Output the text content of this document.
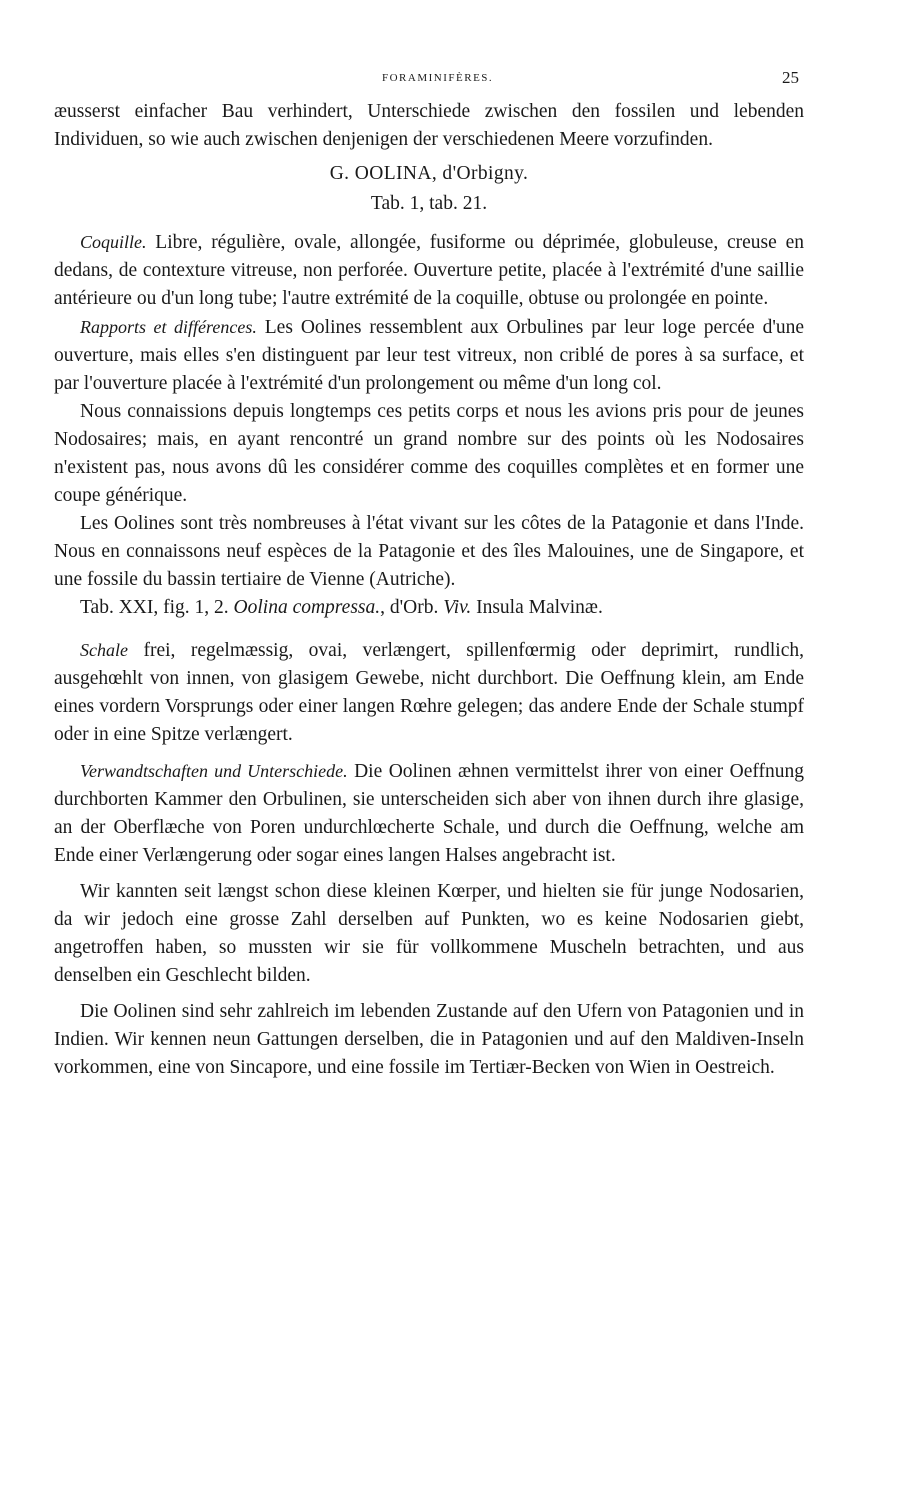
FORAMINIFÈRES.	25

æusserst einfacher Bau verhindert, Unterschiede zwischen den fossilen und lebenden Individuen, so wie auch zwischen denjenigen der verschiedenen Meere vorzufinden.

G. OOLINA, d'Orbigny.

Tab. 1, tab. 21.

Coquille. Libre, régulière, ovale, allongée, fusiforme ou déprimée, globuleuse, creuse en dedans, de contexture vitreuse, non perforée. Ouverture petite, placée à l'extrémité d'une saillie antérieure ou d'un long tube; l'autre extrémité de la coquille, obtuse ou prolongée en pointe.

Rapports et différences. Les Oolines ressemblent aux Orbulines par leur loge percée d'une ouverture, mais elles s'en distinguent par leur test vitreux, non criblé de pores à sa surface, et par l'ouverture placée à l'extrémité d'un prolongement ou même d'un long col.

Nous connaissions depuis longtemps ces petits corps et nous les avions pris pour de jeunes Nodosaires; mais, en ayant rencontré un grand nombre sur des points où les Nodosaires n'existent pas, nous avons dû les considérer comme des coquilles complètes et en former une coupe générique.

Les Oolines sont très nombreuses à l'état vivant sur les côtes de la Patagonie et dans l'Inde. Nous en connaissons neuf espèces de la Patagonie et des îles Malouines, une de Singapore, et une fossile du bassin tertiaire de Vienne (Autriche).

Tab. XXI, fig. 1, 2. Oolina compressa., d'Orb. Viv. Insula Malvinæ.

Schale frei, regelmæssig, ovai, verlængert, spillenfœrmig oder deprimirt, rundlich, ausgehœhlt von innen, von glasigem Gewebe, nicht durchbort. Die Oeffnung klein, am Ende eines vordern Vorsprungs oder einer langen Rœhre gelegen; das andere Ende der Schale stumpf oder in eine Spitze verlængert.

Verwandtschaften und Unterschiede. Die Oolinen æhnen vermittelst ihrer von einer Oeffnung durchborten Kammer den Orbulinen, sie unterscheiden sich aber von ihnen durch ihre glasige, an der Oberflæche von Poren undurchlœcherte Schale, und durch die Oeffnung, welche am Ende einer Verlængerung oder sogar eines langen Halses angebracht ist.

Wir kannten seit længst schon diese kleinen Kœrper, und hielten sie für junge Nodosarien, da wir jedoch eine grosse Zahl derselben auf Punkten, wo es keine Nodosarien giebt, angetroffen haben, so mussten wir sie für vollkommene Muscheln betrachten, und aus denselben ein Geschlecht bilden.

Die Oolinen sind sehr zahlreich im lebenden Zustande auf den Ufern von Patagonien und in Indien. Wir kennen neun Gattungen derselben, die in Patagonien und auf den Maldiven-Inseln vorkommen, eine von Sincapore, und eine fossile im Tertiær-Becken von Wien in Oestreich.
